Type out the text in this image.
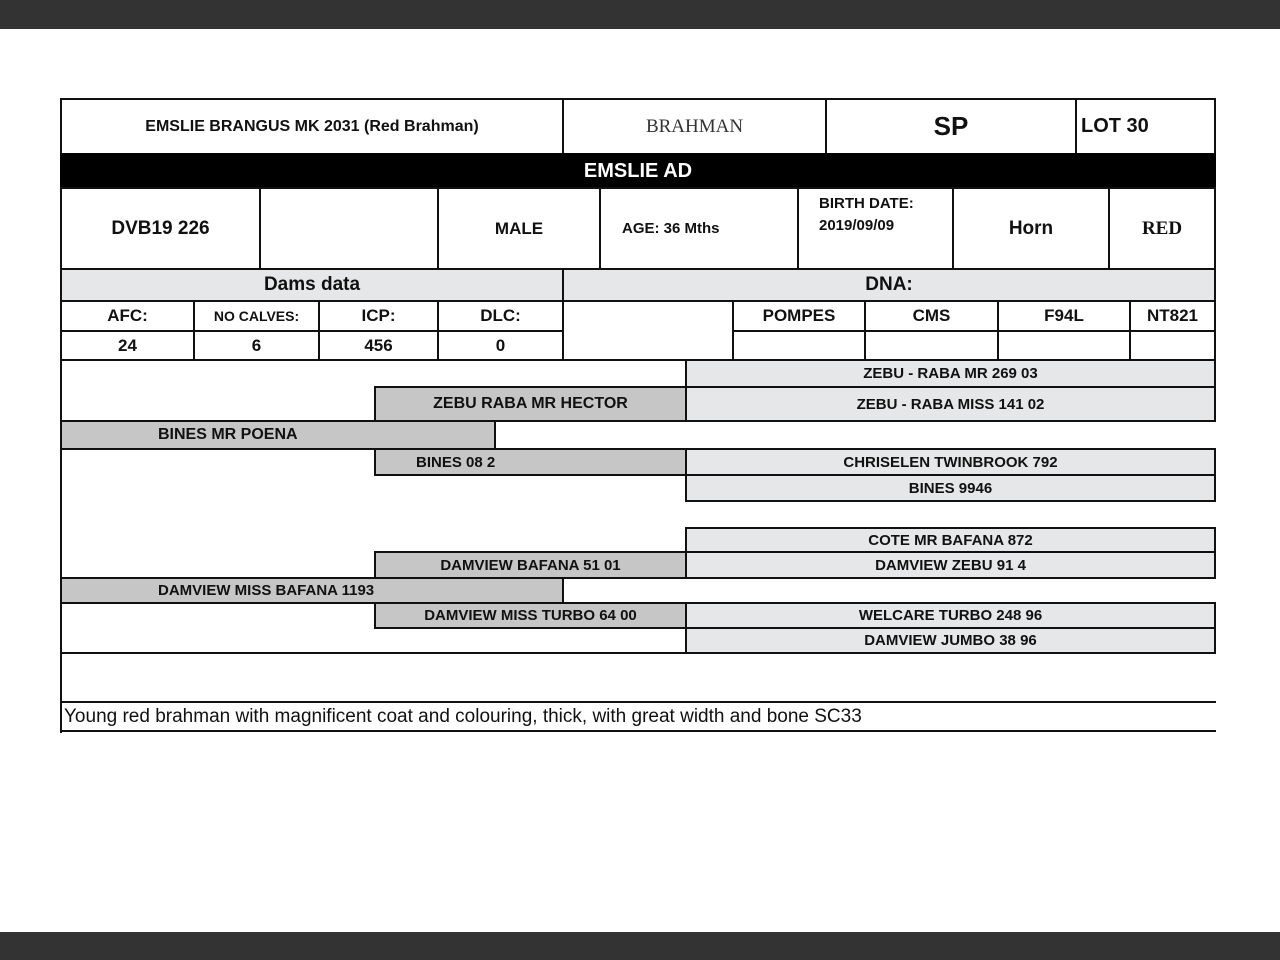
EMSLIE BRANGUS MK 2031 (Red Brahman)	BRAHMAN	SP	LOT 30
EMSLIE AD
DVB19 226	MALE	AGE: 36 Mths
BIRTH DATE:
2019/09/09	Horn	RED
Dams data	DNA:
AFC:	NO CALVES:	ICP:	DLC:
24	6	456	0
POMPES	CMS	F94L	NT821
ZEBU - RABA MR 269 03
ZEBU RABA MR HECTOR	ZEBU - RABA MISS 141 02
BINES MR POENA
BINES 08 2	CHRISELEN TWINBROOK 792
BINES 9946
COTE MR BAFANA 872
DAMVIEW BAFANA 51 01	DAMVIEW ZEBU 91 4
DAMVIEW MISS BAFANA 1193
DAMVIEW MISS TURBO 64 00	WELCARE TURBO 248 96
DAMVIEW JUMBO 38 96
Young red brahman with magnificent coat and colouring, thick, with great width and bone SC33
